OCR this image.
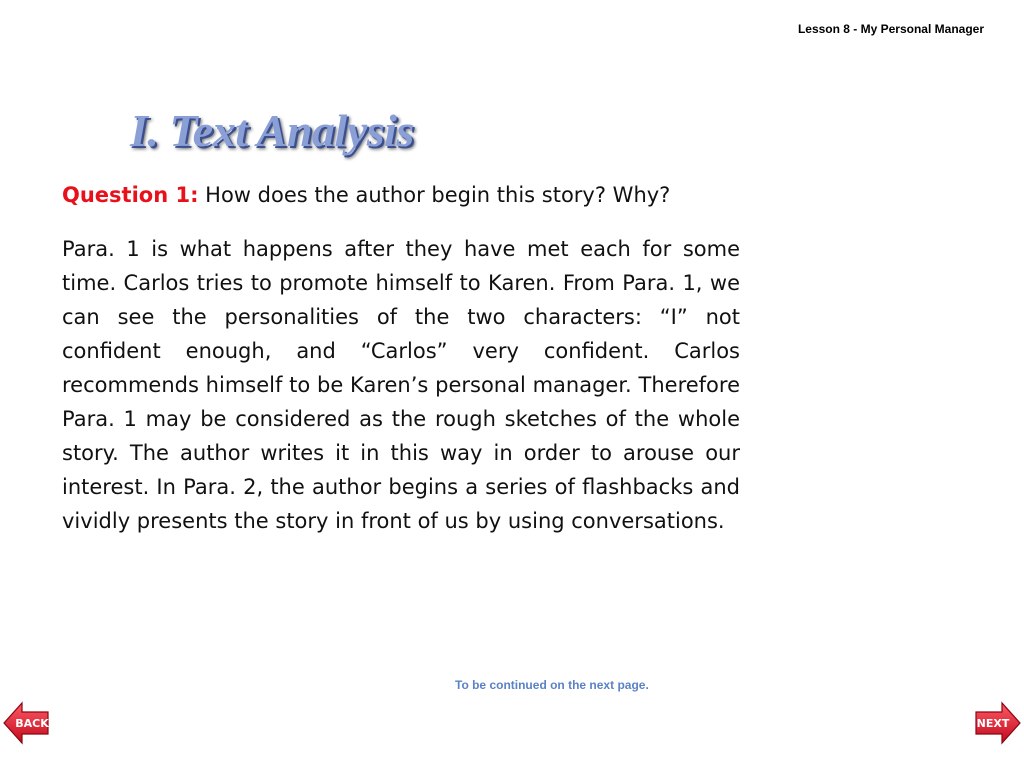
Lesson 8 - My Personal Manager
I. Text Analysis

Question 1: How does the author begin this story? Why?

Para. 1 is what happens after they have met each for some time. Carlos tries to promote himself to Karen. From Para. 1, we can see the personalities of the two characters: “I” not confident enough, and “Carlos” very confident. Carlos recommends himself to be Karen’s personal manager. Therefore Para. 1 may be considered as the rough sketches of the whole story. The author writes it in this way in order to arouse our interest. In Para. 2, the author begins a series of flashbacks and vividly presents the story in front of us by using conversations.

To be continued on the next page.
BACK	NEXT
